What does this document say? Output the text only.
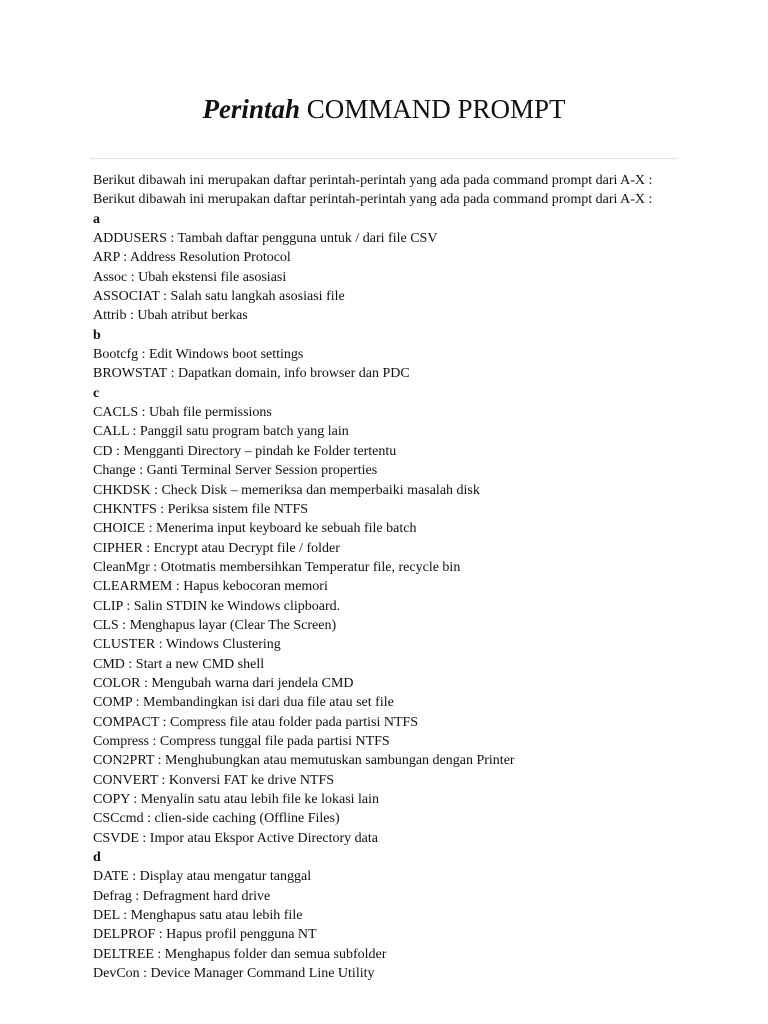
Perintah COMMAND PROMPT
Berikut dibawah ini merupakan daftar perintah-perintah yang ada pada command prompt dari A-X :
Berikut dibawah ini merupakan daftar perintah-perintah yang ada pada command prompt dari A-X :
a
ADDUSERS : Tambah daftar pengguna untuk / dari file CSV
ARP : Address Resolution Protocol
Assoc : Ubah ekstensi file asosiasi
ASSOCIAT : Salah satu langkah asosiasi file
Attrib : Ubah atribut berkas
b
Bootcfg : Edit Windows boot settings
BROWSTAT : Dapatkan domain, info browser dan PDC
c
CACLS : Ubah file permissions
CALL : Panggil satu program batch yang lain
CD : Mengganti Directory – pindah ke Folder tertentu
Change : Ganti Terminal Server Session properties
CHKDSK : Check Disk – memeriksa dan memperbaiki masalah disk
CHKNTFS : Periksa sistem file NTFS
CHOICE : Menerima input keyboard ke sebuah file batch
CIPHER : Encrypt atau Decrypt file / folder
CleanMgr : Ototmatis membersihkan Temperatur file, recycle bin
CLEARMEM : Hapus kebocoran memori
CLIP : Salin STDIN ke Windows clipboard.
CLS : Menghapus layar (Clear The Screen)
CLUSTER : Windows Clustering
CMD : Start a new CMD shell
COLOR : Mengubah warna dari jendela CMD
COMP : Membandingkan isi dari dua file atau set file
COMPACT : Compress file atau folder pada partisi NTFS
Compress : Compress tunggal file pada partisi NTFS
CON2PRT : Menghubungkan atau memutuskan sambungan dengan Printer
CONVERT : Konversi FAT ke drive NTFS
COPY : Menyalin satu atau lebih file ke lokasi lain
CSCcmd : clien-side caching (Offline Files)
CSVDE : Impor atau Ekspor Active Directory data
d
DATE : Display atau mengatur tanggal
Defrag : Defragment hard drive
DEL : Menghapus satu atau lebih file
DELPROF : Hapus profil pengguna NT
DELTREE : Menghapus folder dan semua subfolder
DevCon : Device Manager Command Line Utility
